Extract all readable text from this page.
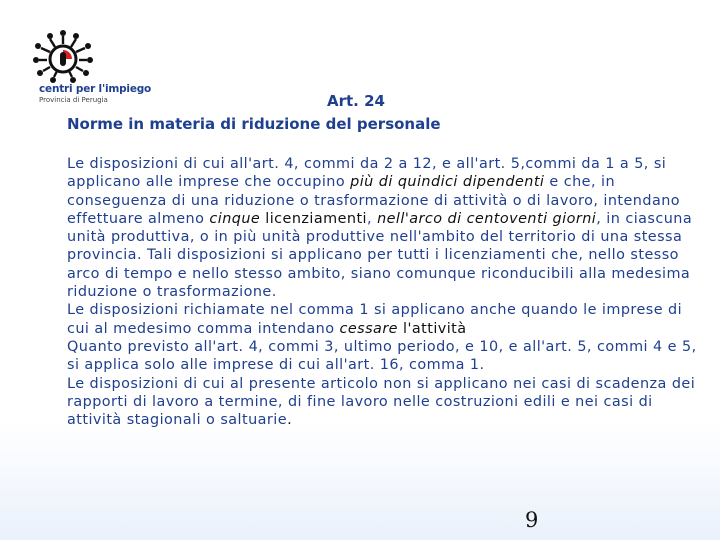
centri per l'impiego
Provincia di Perugia	Art. 24
Norme in materia di riduzione del personale

Le disposizioni di cui all'art. 4, commi da 2 a 12, e all'art. 5,commi da 1 a 5, si applicano alle imprese che occupino più di quindici dipendenti e che, in conseguenza di una riduzione o trasformazione di attività o di lavoro, intendano effettuare almeno cinque licenziamenti, nell'arco di centoventi giorni, in ciascuna unità produttiva, o in più unità produttive nell'ambito del territorio di una stessa provincia. Tali disposizioni si applicano per tutti i licenziamenti che, nello stesso arco di tempo e nello stesso ambito, siano comunque riconducibili alla medesima riduzione o trasformazione.

Le disposizioni richiamate nel comma 1 si applicano anche quando le imprese di cui al medesimo comma intendano cessare l'attività

Quanto previsto all'art. 4, commi 3, ultimo periodo, e 10, e all'art. 5, commi 4 e 5, si applica solo alle imprese di cui all'art. 16, comma 1.

Le disposizioni di cui al presente articolo non si applicano nei casi di scadenza dei rapporti di lavoro a termine, di fine lavoro nelle costruzioni edili e nei casi di attività stagionali o saltuarie.

9
